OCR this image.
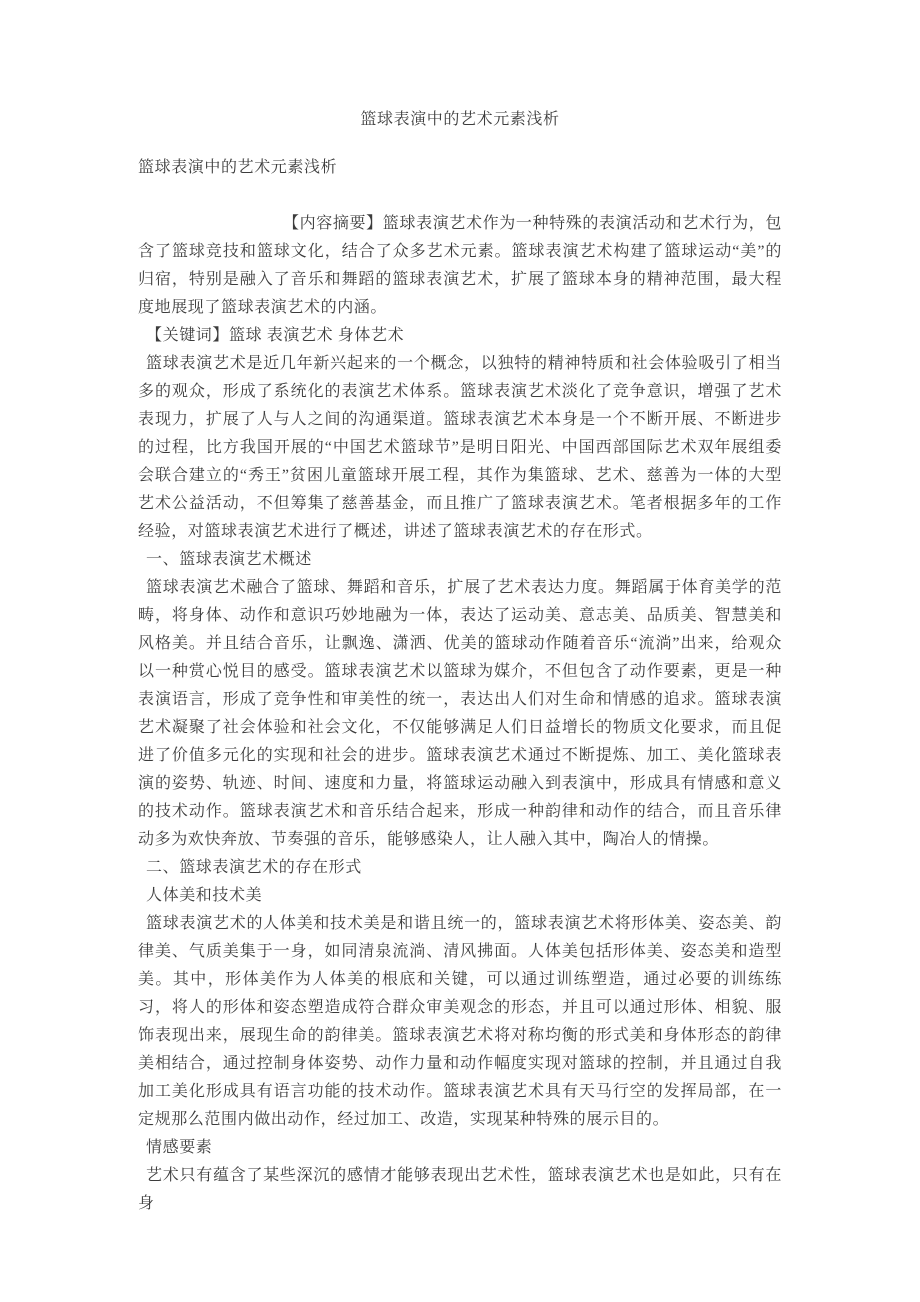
篮球表演中的艺术元素浅析

篮球表演中的艺术元素浅析

【内容摘要】篮球表演艺术作为一种特殊的表演活动和艺术行为，包含了篮球竞技和篮球文化，结合了众多艺术元素。篮球表演艺术构建了篮球运动“美”的归宿，特别是融入了音乐和舞蹈的篮球表演艺术，扩展了篮球本身的精神范围，最大程度地展现了篮球表演艺术的内涵。

【关键词】篮球 表演艺术 身体艺术

篮球表演艺术是近几年新兴起来的一个概念，以独特的精神特质和社会体验吸引了相当多的观众，形成了系统化的表演艺术体系。篮球表演艺术淡化了竞争意识，增强了艺术表现力，扩展了人与人之间的沟通渠道。篮球表演艺术本身是一个不断开展、不断进步的过程，比方我国开展的“中国艺术篮球节”是明日阳光、中国西部国际艺术双年展组委会联合建立的“秀王”贫困儿童篮球开展工程，其作为集篮球、艺术、慈善为一体的大型艺术公益活动，不但筹集了慈善基金，而且推广了篮球表演艺术。笔者根据多年的工作经验，对篮球表演艺术进行了概述，讲述了篮球表演艺术的存在形式。

一、篮球表演艺术概述

篮球表演艺术融合了篮球、舞蹈和音乐，扩展了艺术表达力度。舞蹈属于体育美学的范畴，将身体、动作和意识巧妙地融为一体，表达了运动美、意志美、品质美、智慧美和风格美。并且结合音乐，让飘逸、潇洒、优美的篮球动作随着音乐“流淌”出来，给观众以一种赏心悦目的感受。篮球表演艺术以篮球为媒介，不但包含了动作要素，更是一种表演语言，形成了竞争性和审美性的统一，表达出人们对生命和情感的追求。篮球表演艺术凝聚了社会体验和社会文化，不仅能够满足人们日益增长的物质文化要求，而且促进了价值多元化的实现和社会的进步。篮球表演艺术通过不断提炼、加工、美化篮球表演的姿势、轨迹、时间、速度和力量，将篮球运动融入到表演中，形成具有情感和意义的技术动作。篮球表演艺术和音乐结合起来，形成一种韵律和动作的结合，而且音乐律动多为欢快奔放、节奏强的音乐，能够感染人，让人融入其中，陶冶人的情操。

二、篮球表演艺术的存在形式

人体美和技术美

篮球表演艺术的人体美和技术美是和谐且统一的，篮球表演艺术将形体美、姿态美、韵律美、气质美集于一身，如同清泉流淌、清风拂面。人体美包括形体美、姿态美和造型美。其中，形体美作为人体美的根底和关键，可以通过训练塑造，通过必要的训练练习，将人的形体和姿态塑造成符合群众审美观念的形态，并且可以通过形体、相貌、服饰表现出来，展现生命的韵律美。篮球表演艺术将对称均衡的形式美和身体形态的韵律美相结合，通过控制身体姿势、动作力量和动作幅度实现对篮球的控制，并且通过自我加工美化形成具有语言功能的技术动作。篮球表演艺术具有天马行空的发挥局部，在一定规那么范围内做出动作，经过加工、改造，实现某种特殊的展示目的。

情感要素

艺术只有蕴含了某些深沉的感情才能够表现出艺术性，篮球表演艺术也是如此，只有在身
